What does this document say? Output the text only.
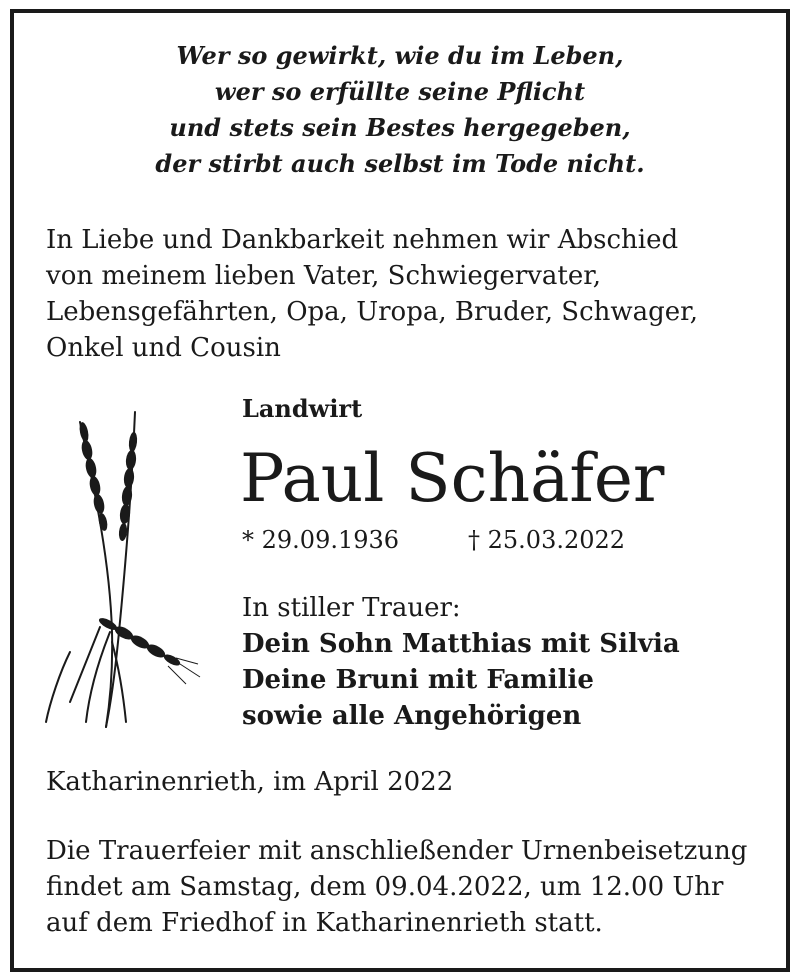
Wer so gewirkt, wie du im Leben,
wer so erfüllte seine Pflicht
und stets sein Bestes hergegeben,
der stirbt auch selbst im Tode nicht.
In Liebe und Dankbarkeit nehmen wir Abschied
von meinem lieben Vater, Schwiegervater,
Lebensgefährten, Opa, Uropa, Bruder, Schwager,
Onkel und Cousin
Landwirt
Paul Schäfer
* 29.09.1936	† 25.03.2022
In stiller Trauer:
Dein Sohn Matthias mit Silvia
Deine Bruni mit Familie
sowie alle Angehörigen
Katharinenrieth, im April 2022
Die Trauerfeier mit anschließender Urnenbeisetzung
findet am Samstag, dem 09.04.2022, um 12.00 Uhr
auf dem Friedhof in Katharinenrieth statt.
